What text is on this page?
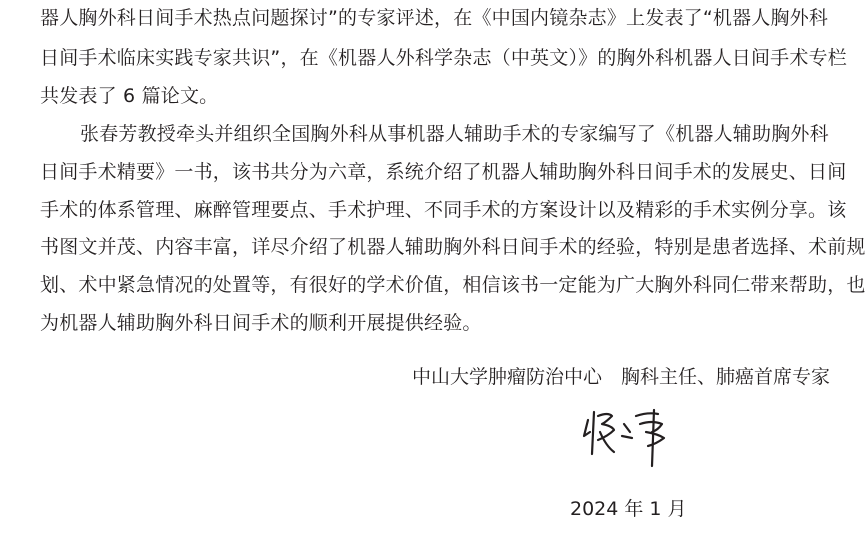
器人胸外科日间手术热点问题探讨”的专家评述，在《中国内镜杂志》上发表了“机器人胸外科
日间手术临床实践专家共识”，在《机器人外科学杂志（中英文）》的胸外科机器人日间手术专栏
共发表了 6 篇论文。
张春芳教授牵头并组织全国胸外科从事机器人辅助手术的专家编写了《机器人辅助胸外科
日间手术精要》一书，该书共分为六章，系统介绍了机器人辅助胸外科日间手术的发展史、日间
手术的体系管理、麻醉管理要点、手术护理、不同手术的方案设计以及精彩的手术实例分享。该
书图文并茂、内容丰富，详尽介绍了机器人辅助胸外科日间手术的经验，特别是患者选择、术前规
划、术中紧急情况的处置等，有很好的学术价值，相信该书一定能为广大胸外科同仁带来帮助，也
为机器人辅助胸外科日间手术的顺利开展提供经验。
中山大学肿瘤防治中心　胸科主任、肺癌首席专家
2024 年 1 月
